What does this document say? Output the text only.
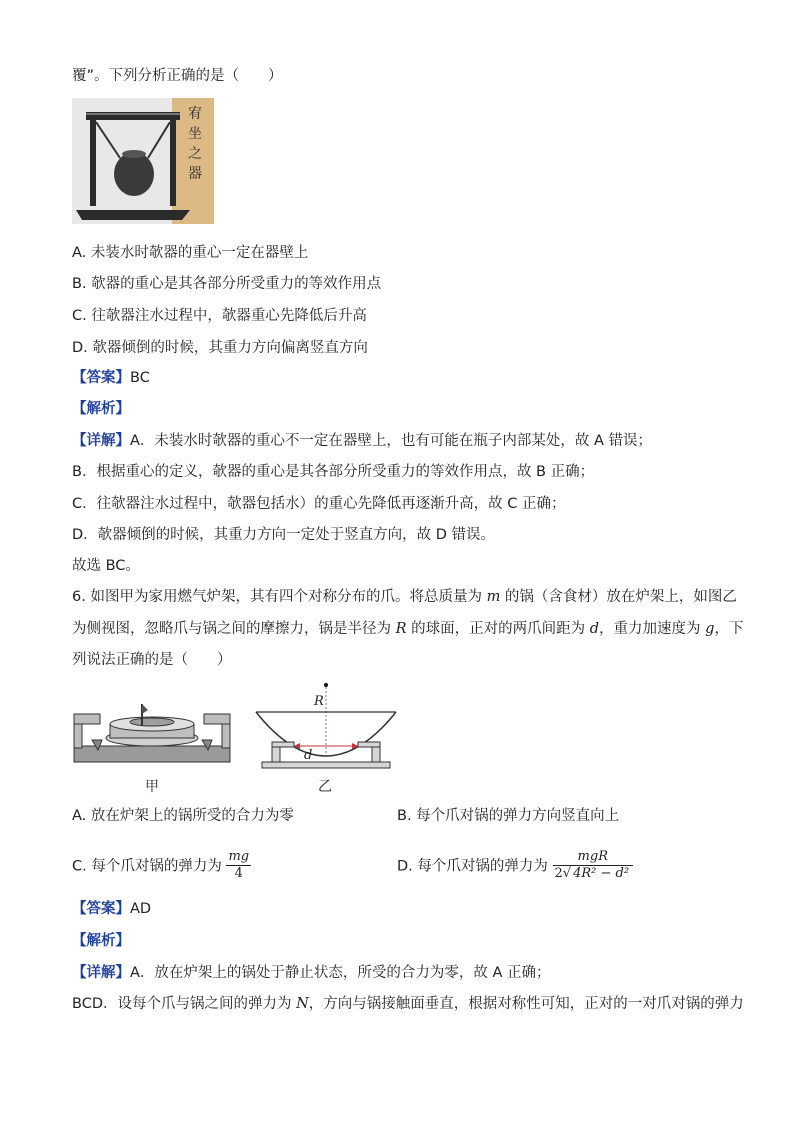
覆”。下列分析正确的是（　　）
宥坐之器
A. 未装水时欹器的重心一定在器壁上
B. 欹器的重心是其各部分所受重力的等效作用点
C. 往欹器注水过程中，欹器重心先降低后升高
D. 欹器倾倒的时候，其重力方向偏离竖直方向
【答案】BC
【解析】
【详解】A．未装水时欹器的重心不一定在器壁上，也有可能在瓶子内部某处，故 A 错误；
B．根据重心的定义，欹器的重心是其各部分所受重力的等效作用点，故 B 正确；
C．往欹器注水过程中，欹器包括水）的重心先降低再逐渐升高，故 C 正确；
D．欹器倾倒的时候，其重力方向一定处于竖直方向，故 D 错误。
故选 BC。
6. 如图甲为家用燃气炉架，其有四个对称分布的爪。将总质量为 m 的锅（含食材）放在炉架上，如图乙
为侧视图，忽略爪与锅之间的摩擦力，锅是半径为 R 的球面，正对的两爪间距为 d，重力加速度为 g，下
列说法正确的是（　　）
甲
R
d
乙
A. 放在炉架上的锅所受的合力为零	B. 每个爪对锅的弹力方向竖直向上
C. 每个爪对锅的弹力为 $\frac{mg}{4}$	D. 每个爪对锅的弹力为 $\frac{\text{mgR}}{\text{2√ 4R² − d²}}$
【答案】AD
【解析】
【详解】A．放在炉架上的锅处于静止状态，所受的合力为零，故 A 正确；
BCD．设每个爪与锅之间的弹力为 N，方向与锅接触面垂直，根据对称性可知，正对的一对爪对锅的弹力
